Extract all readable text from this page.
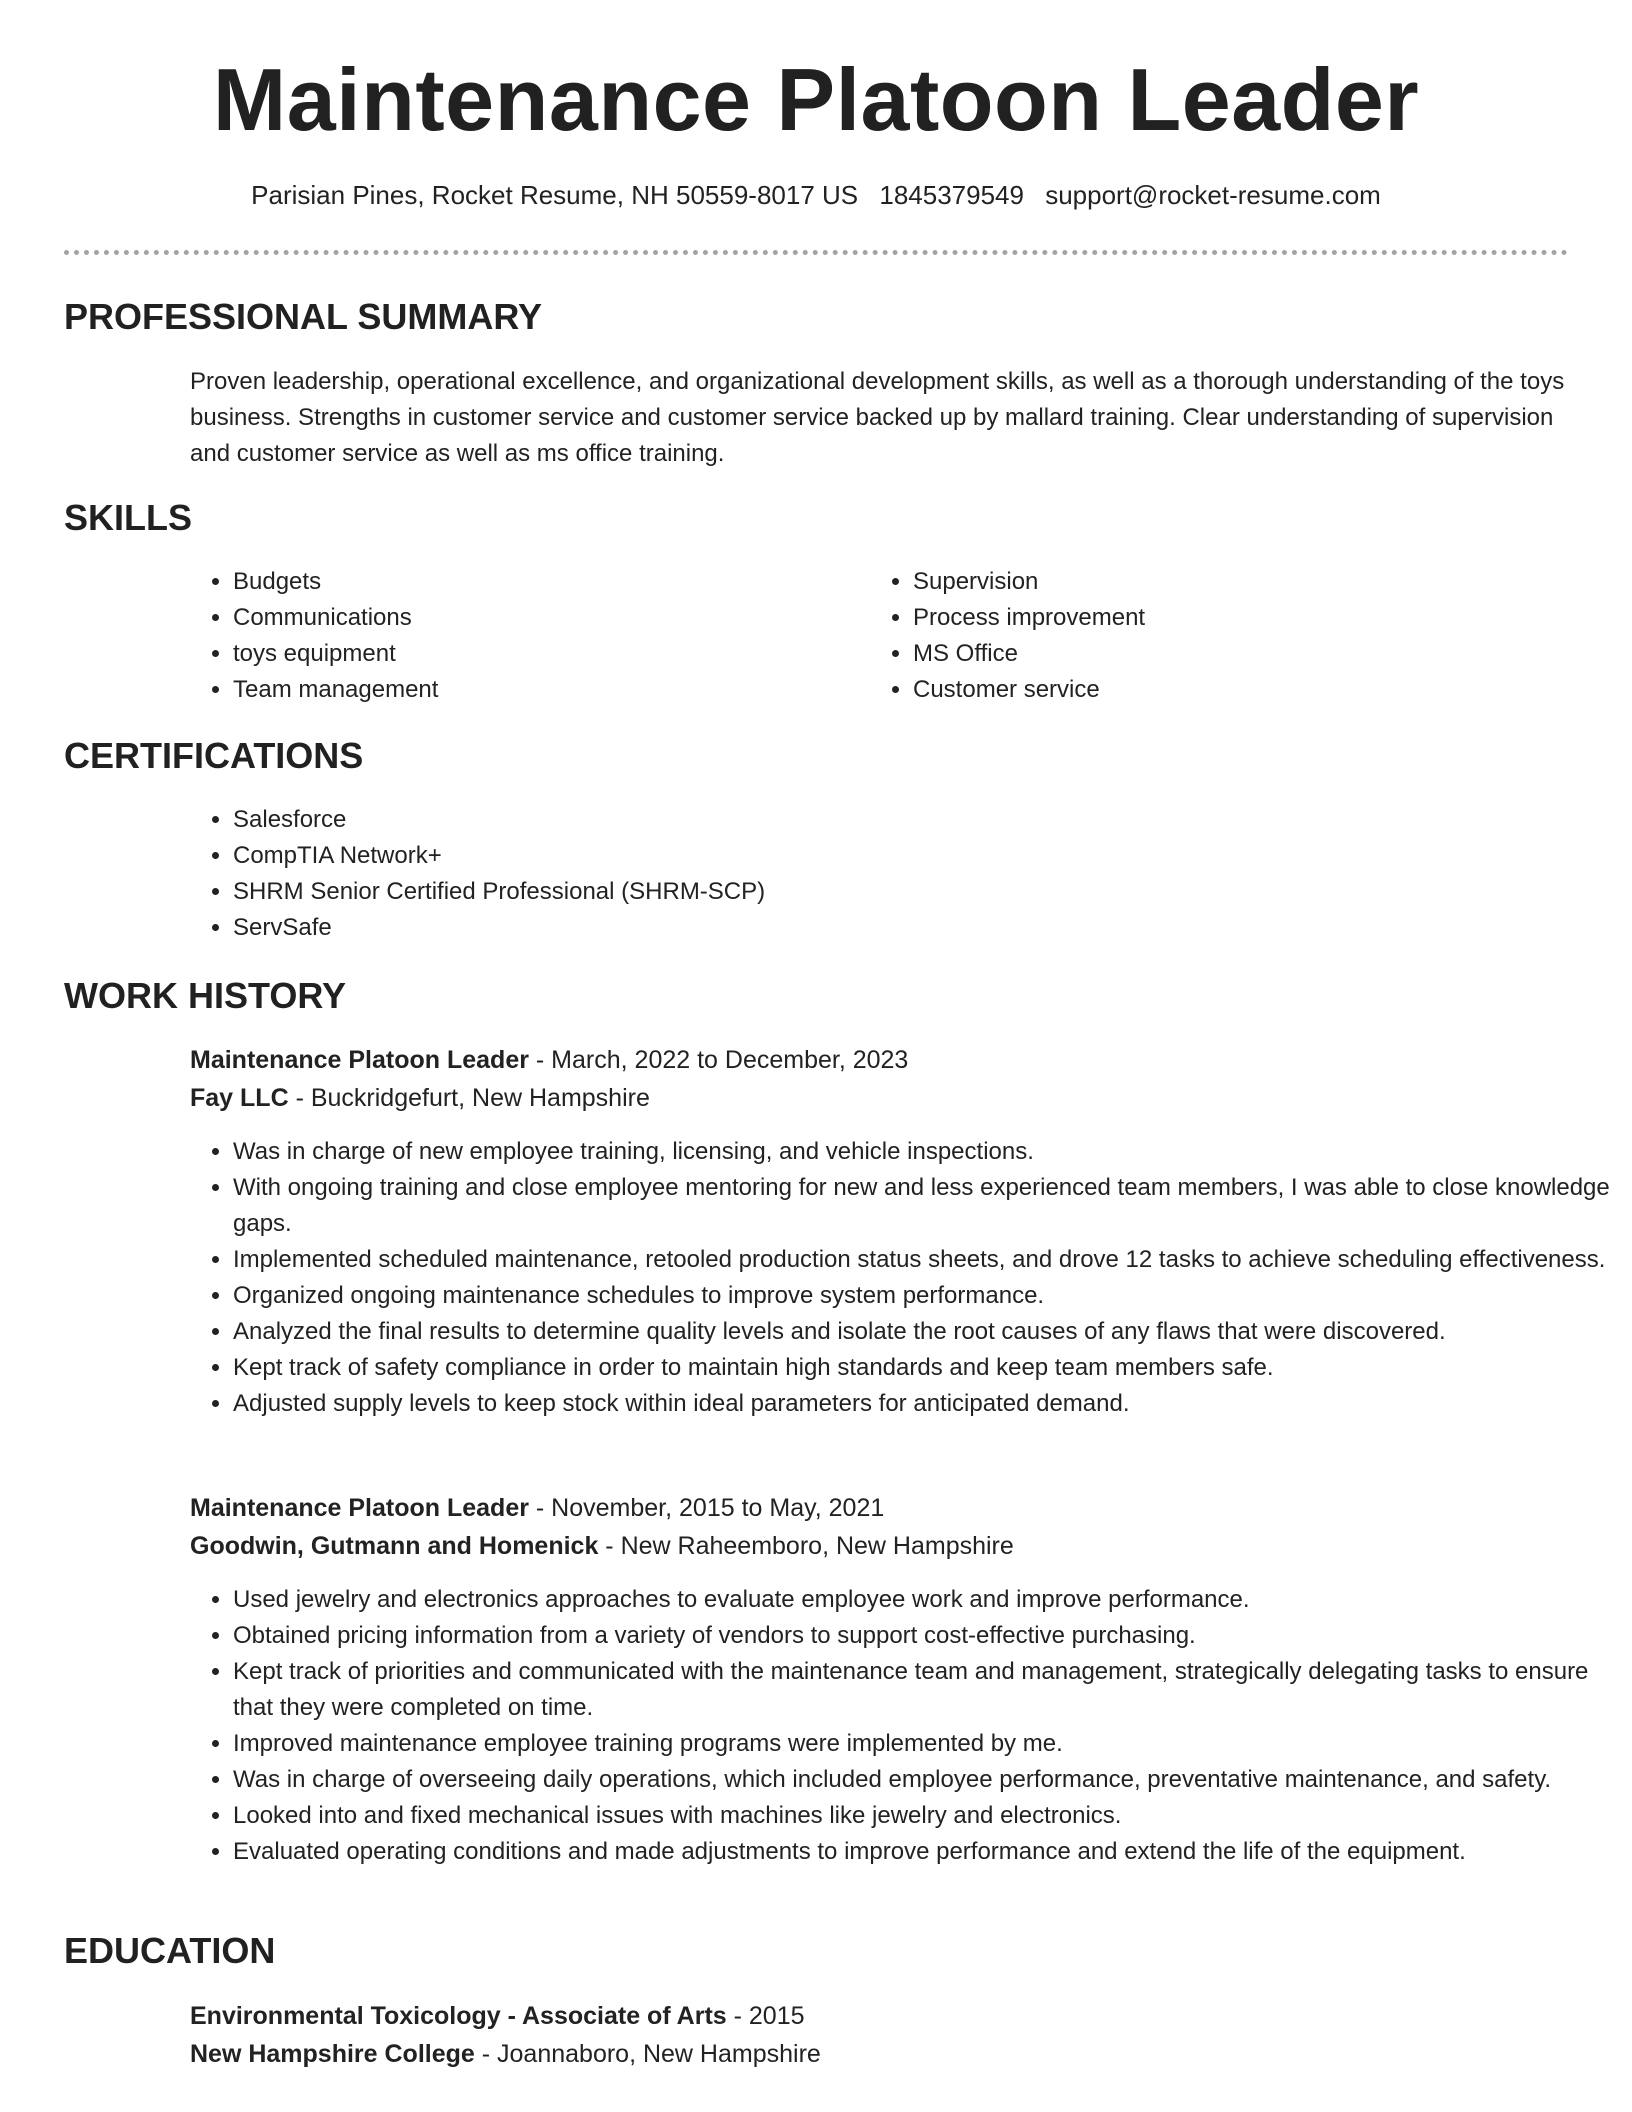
Maintenance Platoon Leader
Parisian Pines, Rocket Resume, NH 50559-8017 US 1845379549 support@rocket-resume.com
PROFESSIONAL SUMMARY

Proven leadership, operational excellence, and organizational development skills, as well as a thorough understanding of the toys business. Strengths in customer service and customer service backed up by mallard training. Clear understanding of supervision and customer service as well as ms office training.

SKILLS
• Budgets
• Communications
• toys equipment
• Team management
• Supervision
• Process improvement
• MS Office
• Customer service
CERTIFICATIONS
• Salesforce
• CompTIA Network+
• SHRM Senior Certified Professional (SHRM-SCP)
• ServSafe
WORK HISTORY
Maintenance Platoon Leader - March, 2022 to December, 2023
Fay LLC - Buckridgefurt, New Hampshire
• Was in charge of new employee training, licensing, and vehicle inspections.
• With ongoing training and close employee mentoring for new and less experienced team members, I was able to close knowledge gaps.
• Implemented scheduled maintenance, retooled production status sheets, and drove 12 tasks to achieve scheduling effectiveness.
• Organized ongoing maintenance schedules to improve system performance.
• Analyzed the final results to determine quality levels and isolate the root causes of any flaws that were discovered.
• Kept track of safety compliance in order to maintain high standards and keep team members safe.
• Adjusted supply levels to keep stock within ideal parameters for anticipated demand.
Maintenance Platoon Leader - November, 2015 to May, 2021
Goodwin, Gutmann and Homenick - New Raheemboro, New Hampshire
• Used jewelry and electronics approaches to evaluate employee work and improve performance.
• Obtained pricing information from a variety of vendors to support cost-effective purchasing.
• Kept track of priorities and communicated with the maintenance team and management, strategically delegating tasks to ensure that they were completed on time.
• Improved maintenance employee training programs were implemented by me.
• Was in charge of overseeing daily operations, which included employee performance, preventative maintenance, and safety.
• Looked into and fixed mechanical issues with machines like jewelry and electronics.
• Evaluated operating conditions and made adjustments to improve performance and extend the life of the equipment.
EDUCATION
Environmental Toxicology - Associate of Arts - 2015
New Hampshire College - Joannaboro, New Hampshire
